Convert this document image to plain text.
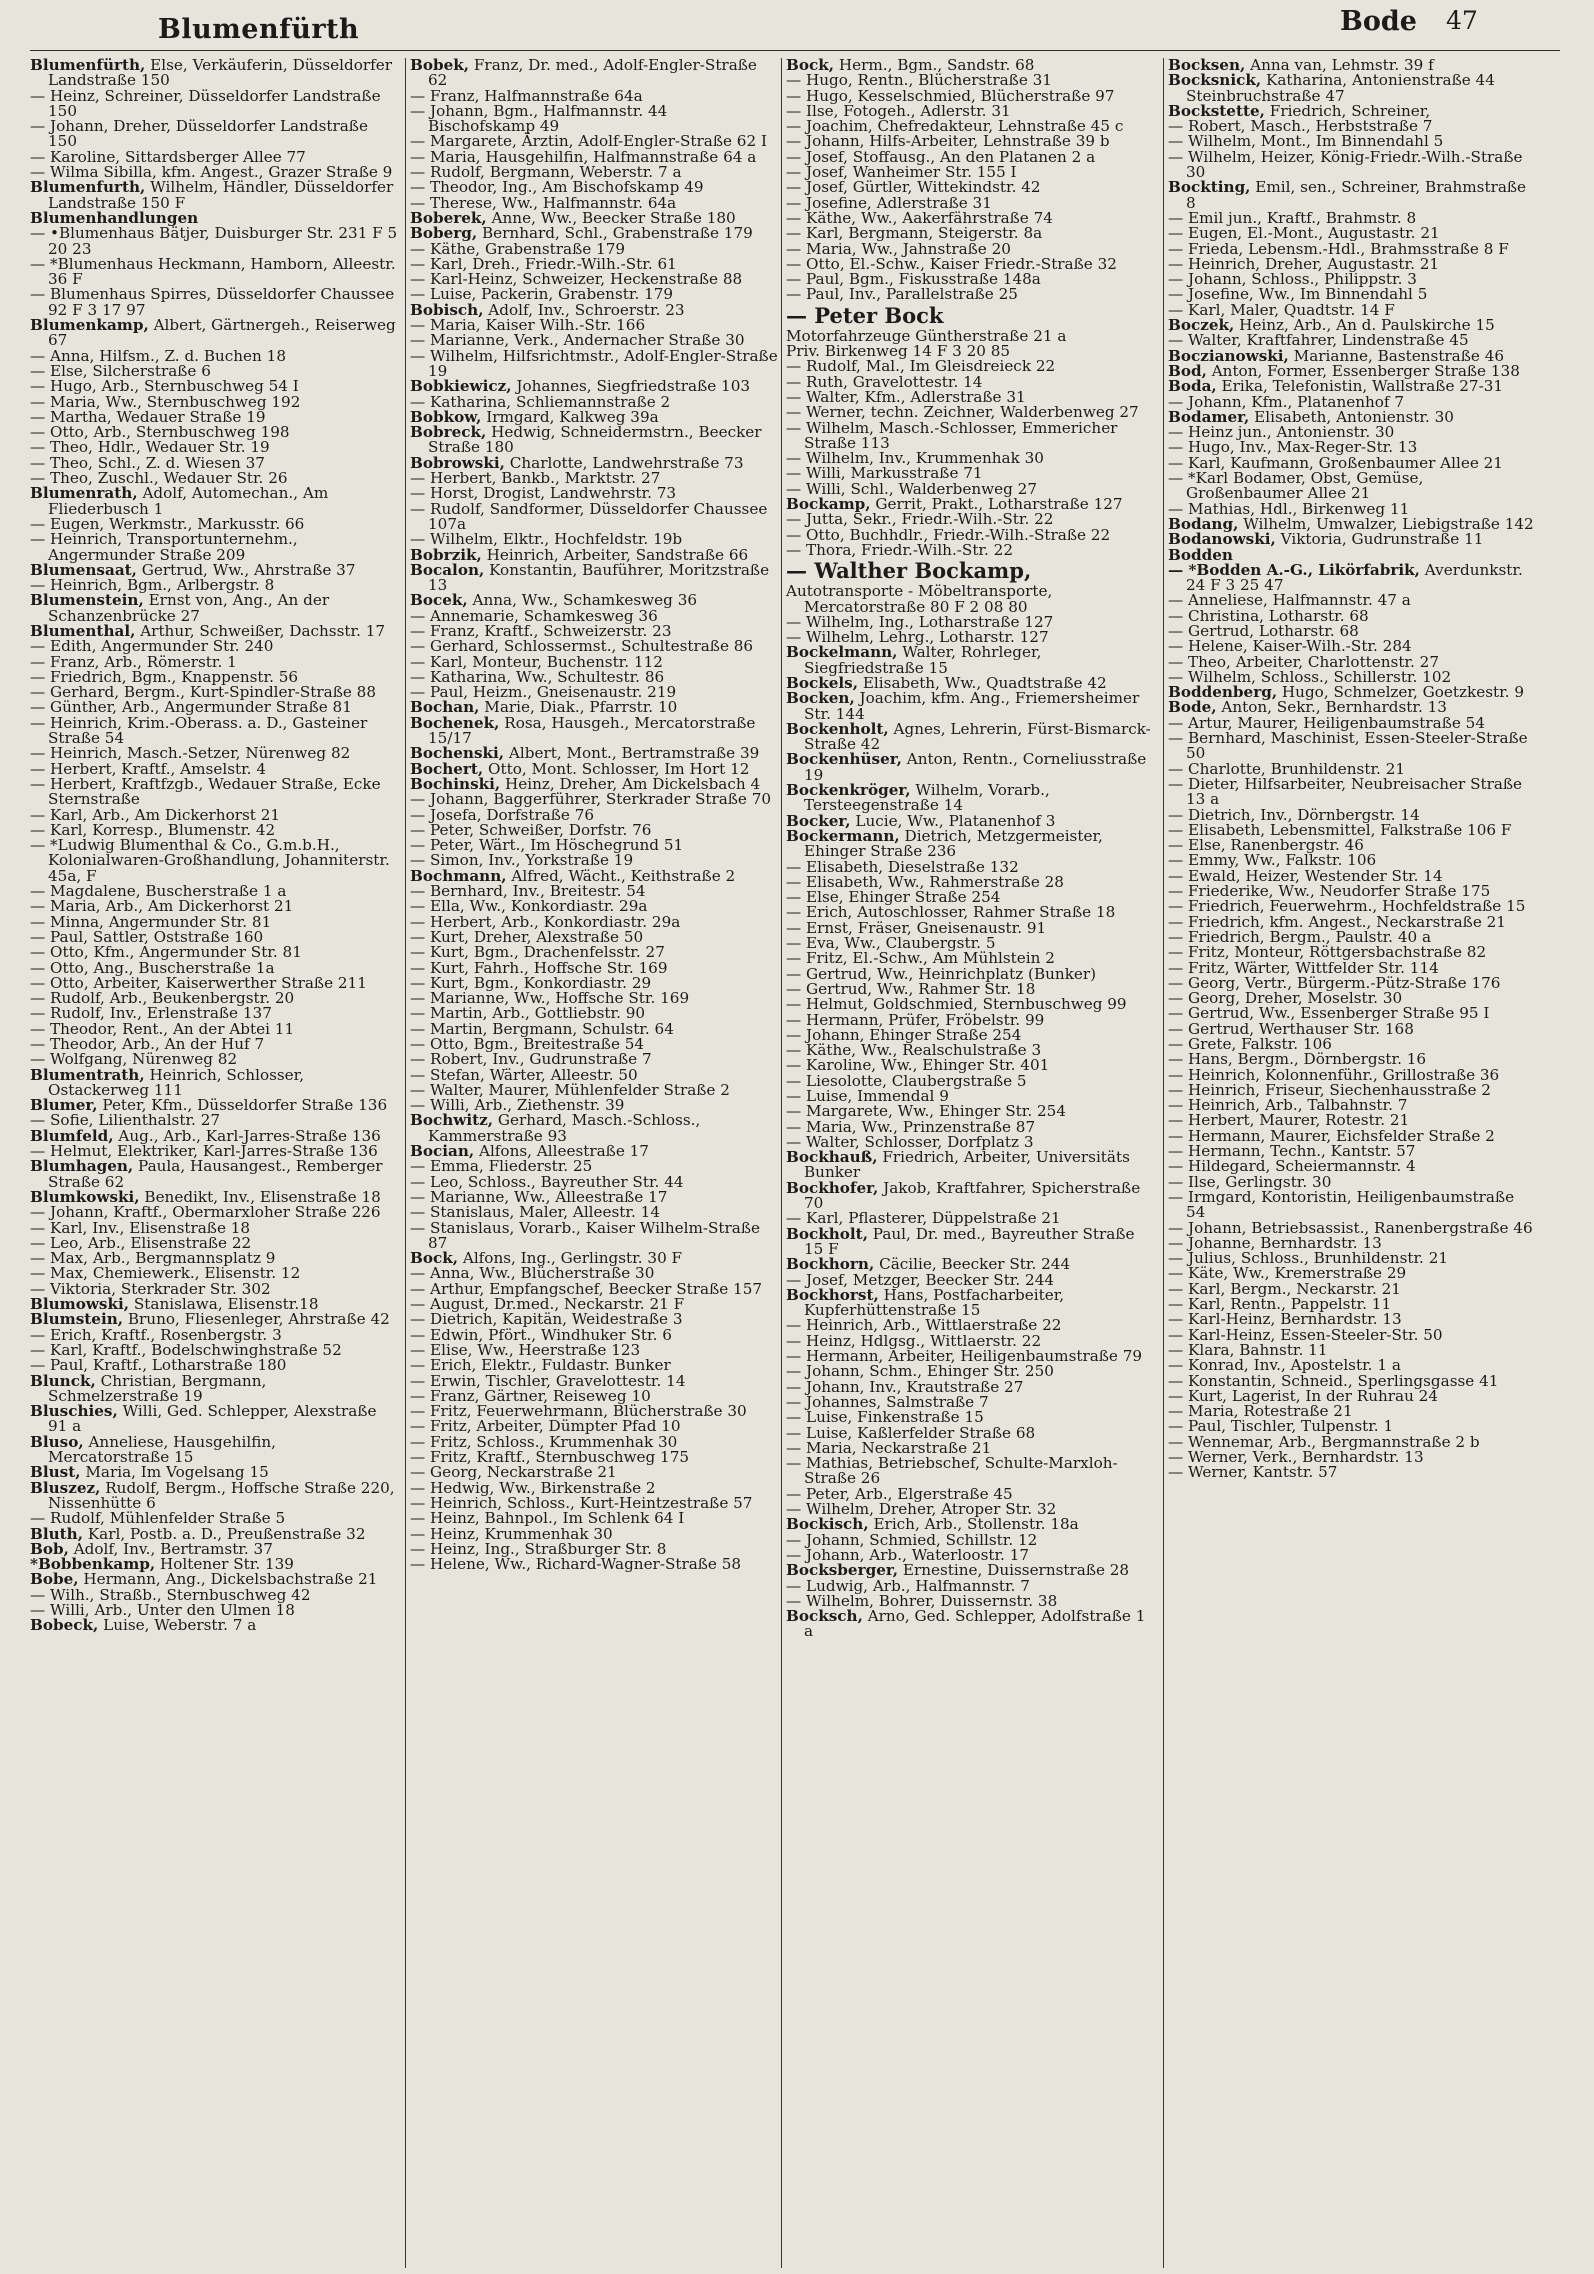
Blumenfürth	Bode 47
Blumenfürth, Else, Verkäuferin, Düsseldorfer Landstraße 150
— Heinz, Schreiner, Düsseldorfer Landstraße 150
— Johann, Dreher, Düsseldorfer Landstraße 150
— Karoline, Sittardsberger Allee 77
— Wilma Sibilla, kfm. Angest., Grazer Straße 9
Blumenfurth, Wilhelm, Händler, Düsseldorfer Landstraße 150 F
Blumenhandlungen
— •Blumenhaus Bätjer, Duisburger Str. 231 F 5 20 23
— *Blumenhaus Heckmann, Hamborn, Alleestr. 36 F
— Blumenhaus Spirres, Düsseldorfer Chaussee 92 F 3 17 97
Blumenkamp, Albert, Gärtnergeh., Reiserweg 67
— Anna, Hilfsm., Z. d. Buchen 18
— Else, Silcherstraße 6
— Hugo, Arb., Sternbuschweg 54 I
— Maria, Ww., Sternbuschweg 192
— Martha, Wedauer Straße 19
— Otto, Arb., Sternbuschweg 198
— Theo, Hdlr., Wedauer Str. 19
— Theo, Schl., Z. d. Wiesen 37
— Theo, Zuschl., Wedauer Str. 26
Blumenrath, Adolf, Automechan., Am Fliederbusch 1
— Eugen, Werkmstr., Markusstr. 66
— Heinrich, Transportunternehm., Angermunder Straße 209
Blumensaat, Gertrud, Ww., Ahrstraße 37
— Heinrich, Bgm., Arlbergstr. 8
Blumenstein, Ernst von, Ang., An der Schanzenbrücke 27
Blumenthal, Arthur, Schweißer, Dachsstr. 17
— Edith, Angermunder Str. 240
— Franz, Arb., Römerstr. 1
— Friedrich, Bgm., Knappenstr. 56
— Gerhard, Bergm., Kurt-Spindler-Straße 88
— Günther, Arb., Angermunder Straße 81
— Heinrich, Krim.-Oberass. a. D., Gasteiner Straße 54
— Heinrich, Masch.-Setzer, Nürenweg 82
— Herbert, Kraftf., Amselstr. 4
— Herbert, Kraftfzgb., Wedauer Straße, Ecke Sternstraße
— Karl, Arb., Am Dickerhorst 21
— Karl, Korresp., Blumenstr. 42
— *Ludwig Blumenthal & Co., G.m.b.H., Kolonialwaren-Großhandlung, Johanniterstr. 45a, F
— Magdalene, Buscherstraße 1 a
— Maria, Arb., Am Dickerhorst 21
— Minna, Angermunder Str. 81
— Paul, Sattler, Oststraße 160
— Otto, Kfm., Angermunder Str. 81
— Otto, Ang., Buscherstraße 1a
— Otto, Arbeiter, Kaiserwerther Straße 211
— Rudolf, Arb., Beukenbergstr. 20
— Rudolf, Inv., Erlenstraße 137
— Theodor, Rent., An der Abtei 11
— Theodor, Arb., An der Huf 7
— Wolfgang, Nürenweg 82
Blumentrath, Heinrich, Schlosser, Ostackerweg 111
Blumer, Peter, Kfm., Düsseldorfer Straße 136
— Sofie, Lilienthalstr. 27
Blumfeld, Aug., Arb., Karl-Jarres-Straße 136
— Helmut, Elektriker, Karl-Jarres-Straße 136
Blumhagen, Paula, Hausangest., Remberger Straße 62
Blumkowski, Benedikt, Inv., Elisenstraße 18
— Johann, Kraftf., Obermarxloher Straße 226
— Karl, Inv., Elisenstraße 18
— Leo, Arb., Elisenstraße 22
— Max, Arb., Bergmannsplatz 9
— Max, Chemiewerk., Elisenstr. 12
— Viktoria, Sterkrader Str. 302
Blumowski, Stanislawa, Elisenstr.18
Blumstein, Bruno, Fliesenleger, Ahrstraße 42
— Erich, Kraftf., Rosenbergstr. 3
— Karl, Kraftf., Bodelschwinghstraße 52
— Paul, Kraftf., Lotharstraße 180
Blunck, Christian, Bergmann, Schmelzerstraße 19
Bluschies, Willi, Ged. Schlepper, Alexstraße 91 a
Bluso, Anneliese, Hausgehilfin, Mercatorstraße 15
Blust, Maria, Im Vogelsang 15
Bluszez, Rudolf, Bergm., Hoffsche Straße 220, Nissenhütte 6
— Rudolf, Mühlenfelder Straße 5
Bluth, Karl, Postb. a. D., Preußenstraße 32
Bob, Adolf, Inv., Bertramstr. 37
*Bobbenkamp, Holtener Str. 139
Bobe, Hermann, Ang., Dickelsbachstraße 21
— Wilh., Straßb., Sternbuschweg 42
— Willi, Arb., Unter den Ulmen 18
Bobeck, Luise, Weberstr. 7 a
Bobek, Franz, Dr. med., Adolf-Engler-Straße 62
— Franz, Halfmannstraße 64a
— Johann, Bgm., Halfmannstr. 44 Bischofskamp 49
— Margarete, Ärztin, Adolf-Engler-Straße 62 I
— Maria, Hausgehilfin, Halfmannstraße 64 a
— Rudolf, Bergmann, Weberstr. 7 a
— Theodor, Ing., Am Bischofskamp 49
— Therese, Ww., Halfmannstr. 64a
Boberek, Anne, Ww., Beecker Straße 180
Boberg, Bernhard, Schl., Grabenstraße 179
— Käthe, Grabenstraße 179
— Karl, Dreh., Friedr.-Wilh.-Str. 61
— Karl-Heinz, Schweizer, Heckenstraße 88
— Luise, Packerin, Grabenstr. 179
Bobisch, Adolf, Inv., Schroerstr. 23
— Maria, Kaiser Wilh.-Str. 166
— Marianne, Verk., Andernacher Straße 30
— Wilhelm, Hilfsrichtmstr., Adolf-Engler-Straße 19
Bobkiewicz, Johannes, Siegfriedstraße 103
— Katharina, Schliemannstraße 2
Bobkow, Irmgard, Kalkweg 39a
Bobreck, Hedwig, Schneidermstrn., Beecker Straße 180
Bobrowski, Charlotte, Landwehrstraße 73
— Herbert, Bankb., Marktstr. 27
— Horst, Drogist, Landwehrstr. 73
— Rudolf, Sandformer, Düsseldorfer Chaussee 107a
— Wilhelm, Elktr., Hochfeldstr. 19b
Bobrzik, Heinrich, Arbeiter, Sandstraße 66
Bocalon, Konstantin, Bauführer, Moritzstraße 13
Bocek, Anna, Ww., Schamkesweg 36
— Annemarie, Schamkesweg 36
— Franz, Kraftf., Schweizerstr. 23
— Gerhard, Schlossermst., Schultestraße 86
— Karl, Monteur, Buchenstr. 112
— Katharina, Ww., Schultestr. 86
— Paul, Heizm., Gneisenaustr. 219
Bochan, Marie, Diak., Pfarrstr. 10
Bochenek, Rosa, Hausgeh., Mercatorstraße 15/17
Bochenski, Albert, Mont., Bertramstraße 39
Bochert, Otto, Mont. Schlosser, Im Hort 12
Bochinski, Heinz, Dreher, Am Dickelsbach 4
— Johann, Baggerführer, Sterkrader Straße 70
— Josefa, Dorfstraße 76
— Peter, Schweißer, Dorfstr. 76
— Peter, Wärt., Im Höschegrund 51
— Simon, Inv., Yorkstraße 19
Bochmann, Alfred, Wächt., Keithstraße 2
— Bernhard, Inv., Breitestr. 54
— Ella, Ww., Konkordiastr. 29a
— Herbert, Arb., Konkordiastr. 29a
— Kurt, Dreher, Alexstraße 50
— Kurt, Bgm., Drachenfelsstr. 27
— Kurt, Fahrh., Hoffsche Str. 169
— Kurt, Bgm., Konkordiastr. 29
— Marianne, Ww., Hoffsche Str. 169
— Martin, Arb., Gottliebstr. 90
— Martin, Bergmann, Schulstr. 64
— Otto, Bgm., Breitestraße 54
— Robert, Inv., Gudrunstraße 7
— Stefan, Wärter, Alleestr. 50
— Walter, Maurer, Mühlenfelder Straße 2
— Willi, Arb., Ziethenstr. 39
Bochwitz, Gerhard, Masch.-Schloss., Kammerstraße 93
Bocian, Alfons, Alleestraße 17
— Emma, Fliederstr. 25
— Leo, Schloss., Bayreuther Str. 44
— Marianne, Ww., Alleestraße 17
— Stanislaus, Maler, Alleestr. 14
— Stanislaus, Vorarb., Kaiser Wilhelm-Straße 87
Bock, Alfons, Ing., Gerlingstr. 30 F
— Anna, Ww., Blücherstraße 30
— Arthur, Empfangschef, Beecker Straße 157
— August, Dr.med., Neckarstr. 21 F
— Dietrich, Kapitän, Weidestraße 3
— Edwin, Pfört., Windhuker Str. 6
— Elise, Ww., Heerstraße 123
— Erich, Elektr., Fuldastr. Bunker
— Erwin, Tischler, Gravelottestr. 14
— Franz, Gärtner, Reiseweg 10
— Fritz, Feuerwehrmann, Blücherstraße 30
— Fritz, Arbeiter, Dümpter Pfad 10
— Fritz, Schloss., Krummenhak 30
— Fritz, Kraftf., Sternbuschweg 175
— Georg, Neckarstraße 21
— Hedwig, Ww., Birkenstraße 2
— Heinrich, Schloss., Kurt-Heintzestraße 57
— Heinz, Bahnpol., Im Schlenk 64 I
— Heinz, Krummenhak 30
— Heinz, Ing., Straßburger Str. 8
— Helene, Ww., Richard-Wagner-Straße 58
Bock, Herm., Bgm., Sandstr. 68
— Hugo, Rentn., Blücherstraße 31
— Hugo, Kesselschmied, Blücherstraße 97
— Ilse, Fotogeh., Adlerstr. 31
— Joachim, Chefredakteur, Lehnstraße 45 c
— Johann, Hilfs-Arbeiter, Lehnstraße 39 b
— Josef, Stoffausg., An den Platanen 2 a
— Josef, Wanheimer Str. 155 I
— Josef, Gürtler, Wittekindstr. 42
— Josefine, Adlerstraße 31
— Käthe, Ww., Aakerfährstraße 74
— Karl, Bergmann, Steigerstr. 8a
— Maria, Ww., Jahnstraße 20
— Otto, El.-Schw., Kaiser Friedr.-Straße 32
— Paul, Bgm., Fiskusstraße 148a
— Paul, Inv., Parallelstraße 25
— Peter Bock
Motorfahrzeuge Güntherstraße 21 a
Priv. Birkenweg 14 F 3 20 85
— Rudolf, Mal., Im Gleisdreieck 22
— Ruth, Gravelottestr. 14
— Walter, Kfm., Adlerstraße 31
— Werner, techn. Zeichner, Walderbenweg 27
— Wilhelm, Masch.-Schlosser, Emmericher Straße 113
— Wilhelm, Inv., Krummenhak 30
— Willi, Markusstraße 71
— Willi, Schl., Walderbenweg 27
Bockamp, Gerrit, Prakt., Lotharstraße 127
— Jutta, Sekr., Friedr.-Wilh.-Str. 22
— Otto, Buchhdlr., Friedr.-Wilh.-Straße 22
— Thora, Friedr.-Wilh.-Str. 22
— Walther Bockamp,
Autotransporte - Möbeltransporte, Mercatorstraße 80 F 2 08 80
— Wilhelm, Ing., Lotharstraße 127
— Wilhelm, Lehrg., Lotharstr. 127
Bockelmann, Walter, Rohrleger, Siegfriedstraße 15
Bockels, Elisabeth, Ww., Quadtstraße 42
Bocken, Joachim, kfm. Ang., Friemersheimer Str. 144
Bockenholt, Agnes, Lehrerin, Fürst-Bismarck-Straße 42
Bockenhüser, Anton, Rentn., Corneliusstraße 19
Bockenkröger, Wilhelm, Vorarb., Tersteegenstraße 14
Bocker, Lucie, Ww., Platanenhof 3
Bockermann, Dietrich, Metzgermeister, Ehinger Straße 236
— Elisabeth, Dieselstraße 132
— Elisabeth, Ww., Rahmerstraße 28
— Else, Ehinger Straße 254
— Erich, Autoschlosser, Rahmer Straße 18
— Ernst, Fräser, Gneisenaustr. 91
— Eva, Ww., Claubergstr. 5
— Fritz, El.-Schw., Am Mühlstein 2
— Gertrud, Ww., Heinrichplatz (Bunker)
— Gertrud, Ww., Rahmer Str. 18
— Helmut, Goldschmied, Sternbuschweg 99
— Hermann, Prüfer, Fröbelstr. 99
— Johann, Ehinger Straße 254
— Käthe, Ww., Realschulstraße 3
— Karoline, Ww., Ehinger Str. 401
— Liesolotte, Claubergstraße 5
— Luise, Immendal 9
— Margarete, Ww., Ehinger Str. 254
— Maria, Ww., Prinzenstraße 87
— Walter, Schlosser, Dorfplatz 3
Bockhauß, Friedrich, Arbeiter, Universitäts Bunker
Bockhofer, Jakob, Kraftfahrer, Spicherstraße 70
— Karl, Pflasterer, Düppelstraße 21
Bockholt, Paul, Dr. med., Bayreuther Straße 15 F
Bockhorn, Cäcilie, Beecker Str. 244
— Josef, Metzger, Beecker Str. 244
Bockhorst, Hans, Postfacharbeiter, Kupferhüttenstraße 15
— Heinrich, Arb., Wittlaerstraße 22
— Heinz, Hdlgsg., Wittlaerstr. 22
— Hermann, Arbeiter, Heiligenbaumstraße 79
— Johann, Schm., Ehinger Str. 250
— Johann, Inv., Krautstraße 27
— Johannes, Salmstraße 7
— Luise, Finkenstraße 15
— Luise, Kaßlerfelder Straße 68
— Maria, Neckarstraße 21
— Mathias, Betriebschef, Schulte-Marxloh-Straße 26
— Peter, Arb., Elgerstraße 45
— Wilhelm, Dreher, Atroper Str. 32
Bockisch, Erich, Arb., Stollenstr. 18a
— Johann, Schmied, Schillstr. 12
— Johann, Arb., Waterloostr. 17
Bocksberger, Ernestine, Duissernstraße 28
— Ludwig, Arb., Halfmannstr. 7
— Wilhelm, Bohrer, Duissernstr. 38
Bocksch, Arno, Ged. Schlepper, Adolfstraße 1 a
Bocksen, Anna van, Lehmstr. 39 f
Bocksnick, Katharina, Antonienstraße 44 Steinbruchstraße 47
Bockstette, Friedrich, Schreiner,
— Robert, Masch., Herbststraße 7
— Wilhelm, Mont., Im Binnendahl 5
— Wilhelm, Heizer, König-Friedr.-Wilh.-Straße 30
Bockting, Emil, sen., Schreiner, Brahmstraße 8
— Emil jun., Kraftf., Brahmstr. 8
— Eugen, El.-Mont., Augustastr. 21
— Frieda, Lebensm.-Hdl., Brahmsstraße 8 F
— Heinrich, Dreher, Augustastr. 21
— Johann, Schloss., Philippstr. 3
— Josefine, Ww., Im Binnendahl 5
— Karl, Maler, Quadtstr. 14 F
Boczek, Heinz, Arb., An d. Paulskirche 15
— Walter, Kraftfahrer, Lindenstraße 45
Boczianowski, Marianne, Bastenstraße 46
Bod, Anton, Former, Essenberger Straße 138
Boda, Erika, Telefonistin, Wallstraße 27-31
— Johann, Kfm., Platanenhof 7
Bodamer, Elisabeth, Antonienstr. 30
— Heinz jun., Antonienstr. 30
— Hugo, Inv., Max-Reger-Str. 13
— Karl, Kaufmann, Großenbaumer Allee 21
— *Karl Bodamer, Obst, Gemüse, Großenbaumer Allee 21
— Mathias, Hdl., Birkenweg 11
Bodang, Wilhelm, Umwalzer, Liebigstraße 142
Bodanowski, Viktoria, Gudrunstraße 11
Bodden
— *Bodden A.-G., Likörfabrik, Averdunkstr. 24 F 3 25 47
— Anneliese, Halfmannstr. 47 a
— Christina, Lotharstr. 68
— Gertrud, Lotharstr. 68
— Helene, Kaiser-Wilh.-Str. 284
— Theo, Arbeiter, Charlottenstr. 27
— Wilhelm, Schloss., Schillerstr. 102
Boddenberg, Hugo, Schmelzer, Goetzkestr. 9
Bode, Anton, Sekr., Bernhardstr. 13
— Artur, Maurer, Heiligenbaumstraße 54
— Bernhard, Maschinist, Essen-Steeler-Straße 50
— Charlotte, Brunhildenstr. 21
— Dieter, Hilfsarbeiter, Neubreisacher Straße 13 a
— Dietrich, Inv., Dörnbergstr. 14
— Elisabeth, Lebensmittel, Falkstraße 106 F
— Else, Ranenbergstr. 46
— Emmy, Ww., Falkstr. 106
— Ewald, Heizer, Westender Str. 14
— Friederike, Ww., Neudorfer Straße 175
— Friedrich, Feuerwehrm., Hochfeldstraße 15
— Friedrich, kfm. Angest., Neckarstraße 21
— Friedrich, Bergm., Paulstr. 40 a
— Fritz, Monteur, Röttgersbachstraße 82
— Fritz, Wärter, Wittfelder Str. 114
— Georg, Vertr., Bürgerm.-Pütz-Straße 176
— Georg, Dreher, Moselstr. 30
— Gertrud, Ww., Essenberger Straße 95 I
— Gertrud, Werthauser Str. 168
— Grete, Falkstr. 106
— Hans, Bergm., Dörnbergstr. 16
— Heinrich, Kolonnenführ., Grillostraße 36
— Heinrich, Friseur, Siechenhausstraße 2
— Heinrich, Arb., Talbahnstr. 7
— Herbert, Maurer, Rotestr. 21
— Hermann, Maurer, Eichsfelder Straße 2
— Hermann, Techn., Kantstr. 57
— Hildegard, Scheiermannstr. 4
— Ilse, Gerlingstr. 30
— Irmgard, Kontoristin, Heiligenbaumstraße 54
— Johann, Betriebsassist., Ranenbergstraße 46
— Johanne, Bernhardstr. 13
— Julius, Schloss., Brunhildenstr. 21
— Käte, Ww., Kremerstraße 29
— Karl, Bergm., Neckarstr. 21
— Karl, Rentn., Pappelstr. 11
— Karl-Heinz, Bernhardstr. 13
— Karl-Heinz, Essen-Steeler-Str. 50
— Klara, Bahnstr. 11
— Konrad, Inv., Apostelstr. 1 a
— Konstantin, Schneid., Sperlingsgasse 41
— Kurt, Lagerist, In der Ruhrau 24
— Maria, Rotestraße 21
— Paul, Tischler, Tulpenstr. 1
— Wennemar, Arb., Bergmannstraße 2 b
— Werner, Verk., Bernhardstr. 13
— Werner, Kantstr. 57
